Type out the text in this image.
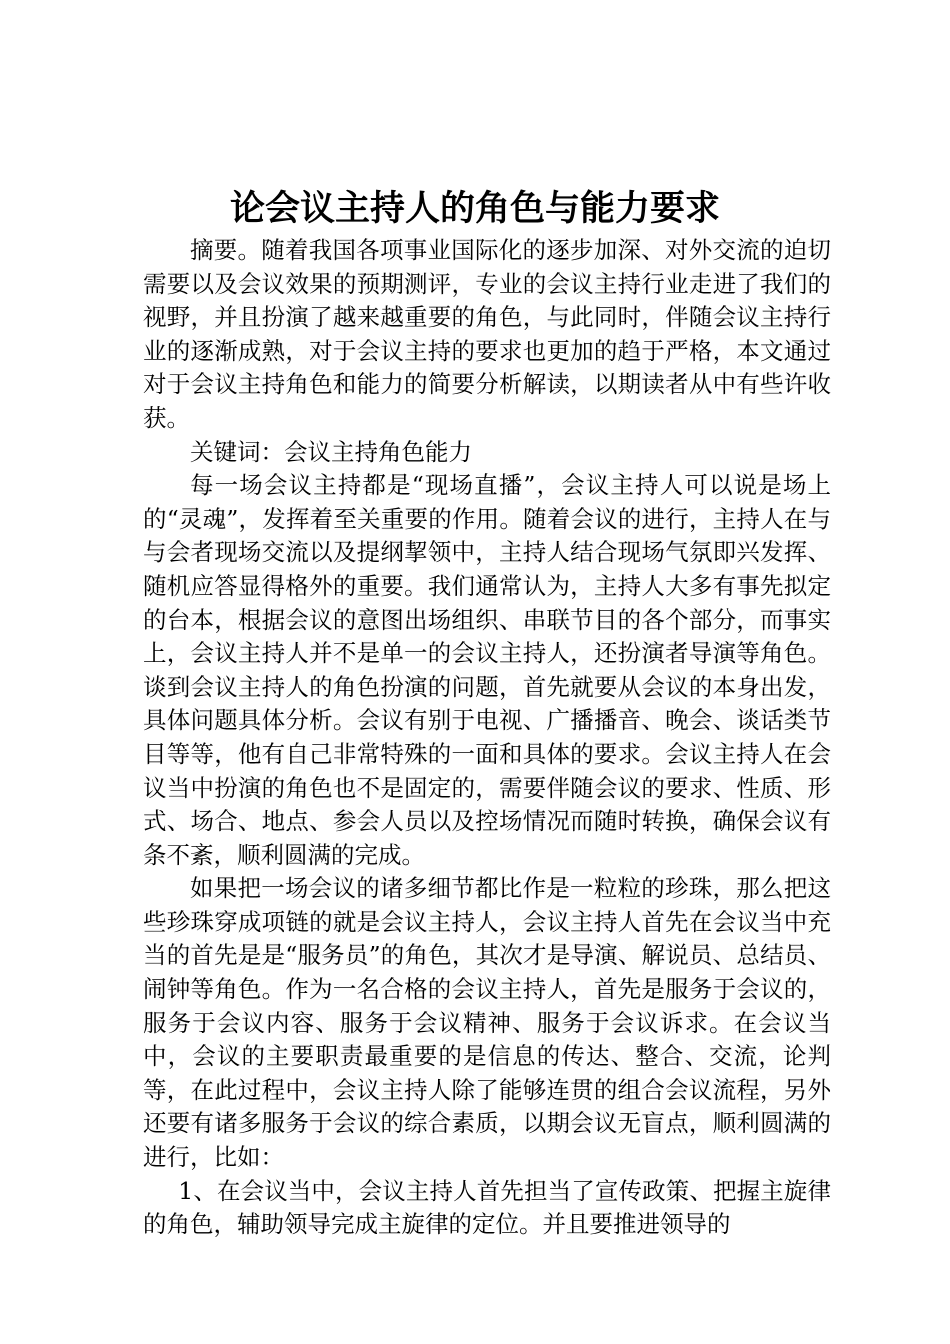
论会议主持人的角色与能力要求

摘要。随着我国各项事业国际化的逐步加深、对外交流的迫切需要以及会议效果的预期测评，专业的会议主持行业走进了我们的视野，并且扮演了越来越重要的角色，与此同时，伴随会议主持行业的逐渐成熟，对于会议主持的要求也更加的趋于严格，本文通过对于会议主持角色和能力的简要分析解读，以期读者从中有些许收获。

关键词：会议主持角色能力

每一场会议主持都是“现场直播”，会议主持人可以说是场上的“灵魂”，发挥着至关重要的作用。随着会议的进行，主持人在与与会者现场交流以及提纲挈领中，主持人结合现场气氛即兴发挥、随机应答显得格外的重要。我们通常认为，主持人大多有事先拟定的台本，根据会议的意图出场组织、串联节目的各个部分，而事实上，会议主持人并不是单一的会议主持人，还扮演者导演等角色。谈到会议主持人的角色扮演的问题，首先就要从会议的本身出发，具体问题具体分析。会议有别于电视、广播播音、晚会、谈话类节目等等，他有自己非常特殊的一面和具体的要求。会议主持人在会议当中扮演的角色也不是固定的，需要伴随会议的要求、性质、形式、场合、地点、参会人员以及控场情况而随时转换，确保会议有条不紊，顺利圆满的完成。

如果把一场会议的诸多细节都比作是一粒粒的珍珠，那么把这些珍珠穿成项链的就是会议主持人，会议主持人首先在会议当中充当的首先是是“服务员”的角色，其次才是导演、解说员、总结员、闹钟等角色。作为一名合格的会议主持人，首先是服务于会议的，服务于会议内容、服务于会议精神、服务于会议诉求。在会议当中，会议的主要职责最重要的是信息的传达、整合、交流，论判等，在此过程中，会议主持人除了能够连贯的组合会议流程，另外还要有诸多服务于会议的综合素质，以期会议无盲点，顺利圆满的进行，比如：

1、在会议当中，会议主持人首先担当了宣传政策、把握主旋律的角色，辅助领导完成主旋律的定位。并且要推进领导的
